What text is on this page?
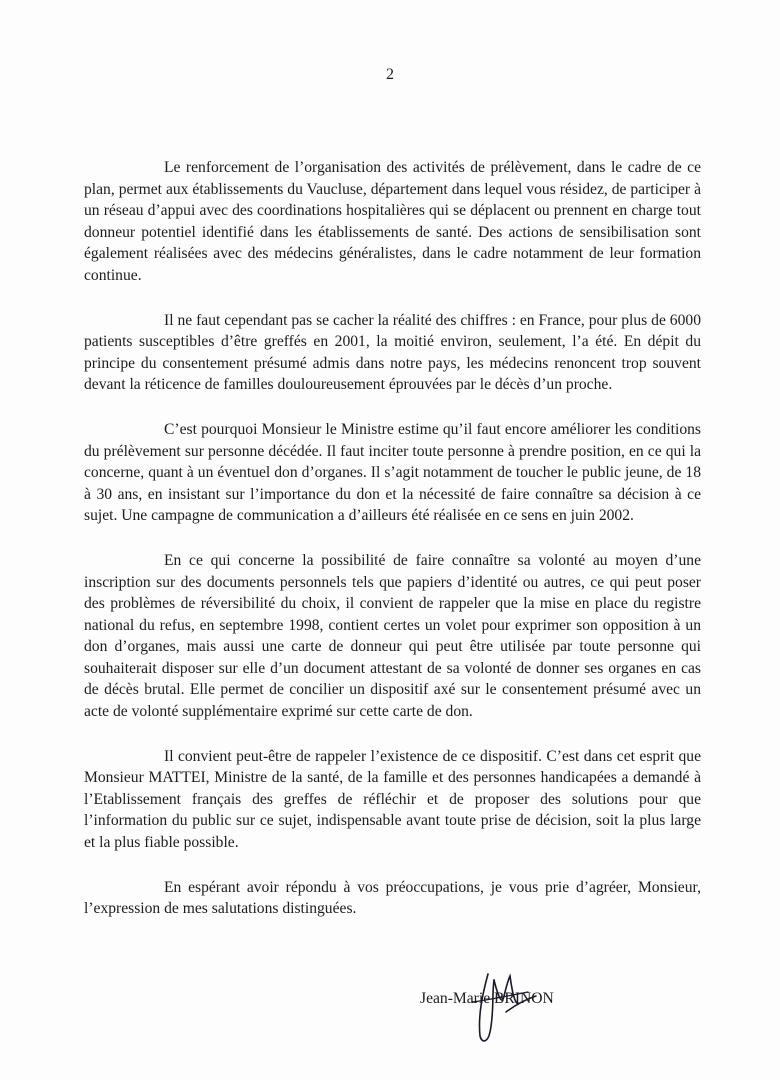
2

Le renforcement de l’organisation des activités de prélèvement, dans le cadre de ce plan, permet aux établissements du Vaucluse, département dans lequel vous résidez, de participer à un réseau d’appui avec des coordinations hospitalières qui se déplacent ou prennent en charge tout donneur potentiel identifié dans les établissements de santé. Des actions de sensibilisation sont également réalisées avec des médecins généralistes, dans le cadre notamment de leur formation continue.

Il ne faut cependant pas se cacher la réalité des chiffres : en France, pour plus de 6000 patients susceptibles d’être greffés en 2001, la moitié environ, seulement, l’a été. En dépit du principe du consentement présumé admis dans notre pays, les médecins renoncent trop souvent devant la réticence de familles douloureusement éprouvées par le décès d’un proche.

C’est pourquoi Monsieur le Ministre estime qu’il faut encore améliorer les conditions du prélèvement sur personne décédée. Il faut inciter toute personne à prendre position, en ce qui la concerne, quant à un éventuel don d’organes. Il s’agit notamment de toucher le public jeune, de 18 à 30 ans, en insistant sur l’importance du don et la nécessité de faire connaître sa décision à ce sujet. Une campagne de communication a d’ailleurs été réalisée en ce sens en juin 2002.

En ce qui concerne la possibilité de faire connaître sa volonté au moyen d’une inscription sur des documents personnels tels que papiers d’identité ou autres, ce qui peut poser des problèmes de réversibilité du choix, il convient de rappeler que la mise en place du registre national du refus, en septembre 1998, contient certes un volet pour exprimer son opposition à un don d’organes, mais aussi une carte de donneur qui peut être utilisée par toute personne qui souhaiterait disposer sur elle d’un document attestant de sa volonté de donner ses organes en cas de décès brutal. Elle permet de concilier un dispositif axé sur le consentement présumé avec un acte de volonté supplémentaire exprimé sur cette carte de don.

Il convient peut-être de rappeler l’existence de ce dispositif. C’est dans cet esprit que Monsieur MATTEI, Ministre de la santé, de la famille et des personnes handicapées a demandé à l’Etablissement français des greffes de réfléchir et de proposer des solutions pour que l’information du public sur ce sujet, indispensable avant toute prise de décision, soit la plus large et la plus fiable possible.

En espérant avoir répondu à vos préoccupations, je vous prie d’agréer, Monsieur, l’expression de mes salutations distinguées.

Jean-Marie BRINON
